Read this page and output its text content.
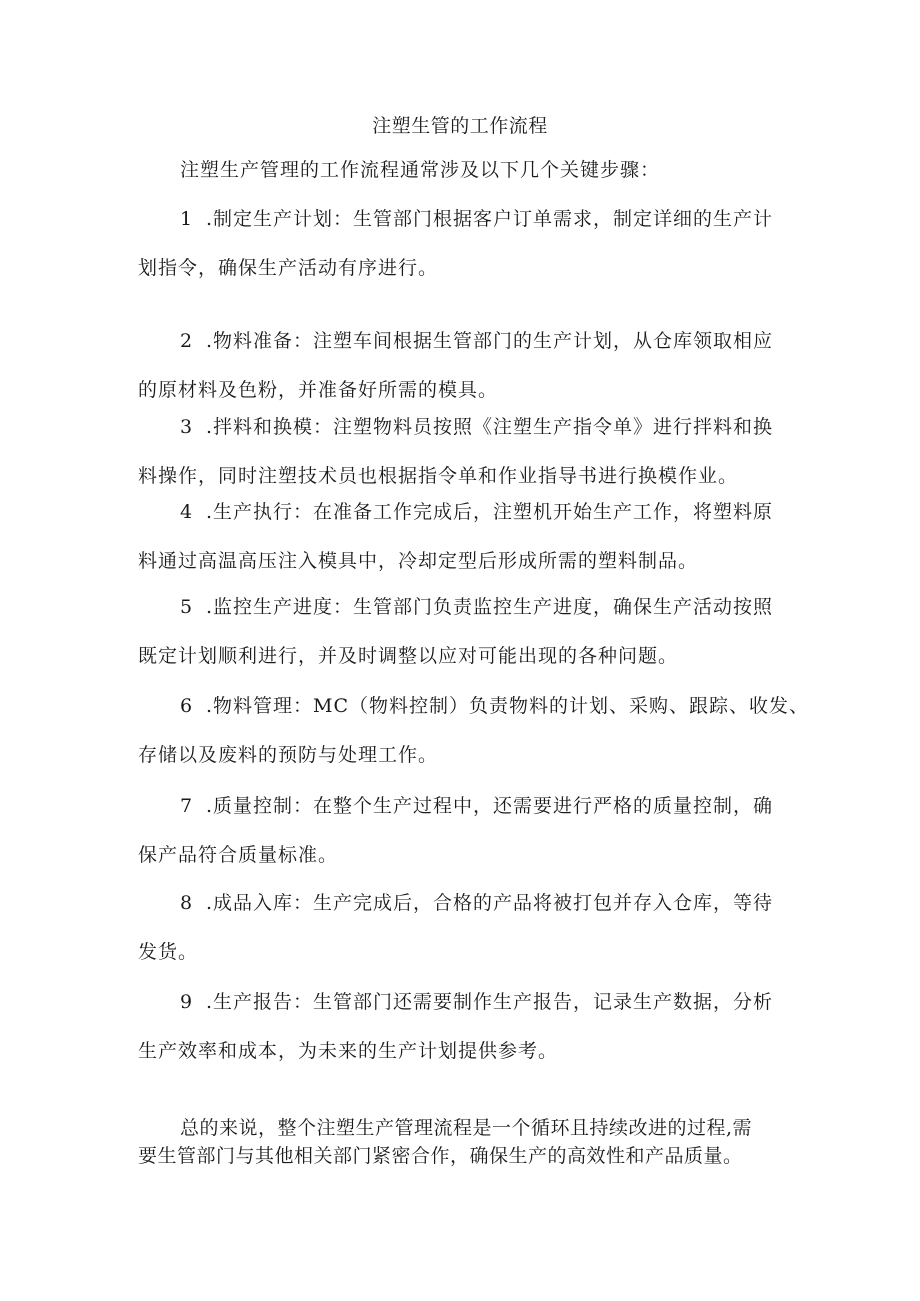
注塑生管的工作流程
注塑生产管理的工作流程通常涉及以下几个关键步骤：
1 .制定生产计划：生管部门根据客户订单需求，制定详细的生产计
划指令，确保生产活动有序进行。
2 .物料准备：注塑车间根据生管部门的生产计划，从仓库领取相应
的原材料及色粉，并准备好所需的模具。
3 .拌料和换模：注塑物料员按照《注塑生产指令单》进行拌料和换
料操作，同时注塑技术员也根据指令单和作业指导书进行换模作业。
4 .生产执行：在准备工作完成后，注塑机开始生产工作，将塑料原
料通过高温高压注入模具中，冷却定型后形成所需的塑料制品。
5 .监控生产进度：生管部门负责监控生产进度，确保生产活动按照
既定计划顺利进行，并及时调整以应对可能出现的各种问题。
6 .物料管理：MC（物料控制）负责物料的计划、采购、跟踪、收发、
存储以及废料的预防与处理工作。
7 .质量控制：在整个生产过程中，还需要进行严格的质量控制，确
保产品符合质量标准。
8 .成品入库：生产完成后，合格的产品将被打包并存入仓库，等待
发货。
9 .生产报告：生管部门还需要制作生产报告，记录生产数据，分析
生产效率和成本，为未来的生产计划提供参考。
总的来说，整个注塑生产管理流程是一个循环且持续改进的过程,需
要生管部门与其他相关部门紧密合作，确保生产的高效性和产品质量。
